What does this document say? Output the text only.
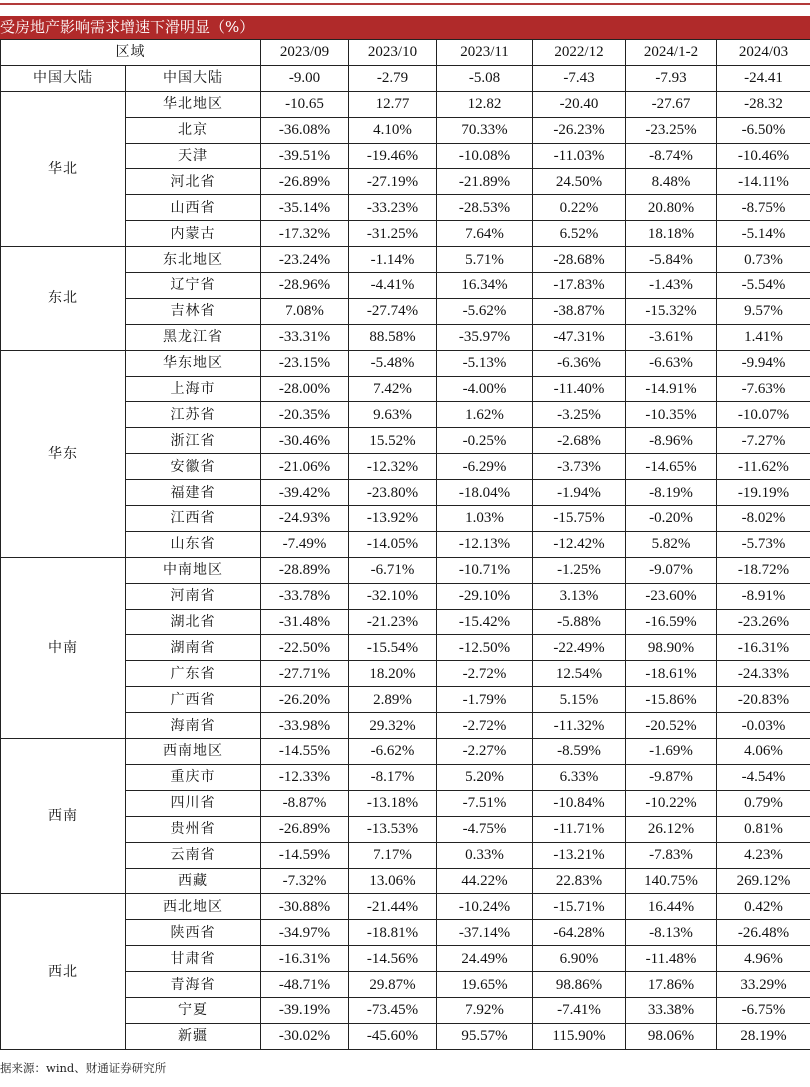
受房地产影响需求增速下滑明显（%）
区域		2023/09	2023/10	2023/11	2022/12	2024/1-2	2024/03
中国大陆	中国大陆	-9.00	-2.79	-5.08	-7.43	-7.93	-24.41
华北	华北地区	-10.65	12.77	12.82	-20.40	-27.67	-28.32
	北京	-36.08%	4.10%	70.33%	-26.23%	-23.25%	-6.50%
	天津	-39.51%	-19.46%	-10.08%	-11.03%	-8.74%	-10.46%
	河北省	-26.89%	-27.19%	-21.89%	24.50%	8.48%	-14.11%
	山西省	-35.14%	-33.23%	-28.53%	0.22%	20.80%	-8.75%
	内蒙古	-17.32%	-31.25%	7.64%	6.52%	18.18%	-5.14%
东北	东北地区	-23.24%	-1.14%	5.71%	-28.68%	-5.84%	0.73%
	辽宁省	-28.96%	-4.41%	16.34%	-17.83%	-1.43%	-5.54%
	吉林省	7.08%	-27.74%	-5.62%	-38.87%	-15.32%	9.57%
	黑龙江省	-33.31%	88.58%	-35.97%	-47.31%	-3.61%	1.41%
华东	华东地区	-23.15%	-5.48%	-5.13%	-6.36%	-6.63%	-9.94%
	上海市	-28.00%	7.42%	-4.00%	-11.40%	-14.91%	-7.63%
	江苏省	-20.35%	9.63%	1.62%	-3.25%	-10.35%	-10.07%
	浙江省	-30.46%	15.52%	-0.25%	-2.68%	-8.96%	-7.27%
	安徽省	-21.06%	-12.32%	-6.29%	-3.73%	-14.65%	-11.62%
	福建省	-39.42%	-23.80%	-18.04%	-1.94%	-8.19%	-19.19%
	江西省	-24.93%	-13.92%	1.03%	-15.75%	-0.20%	-8.02%
	山东省	-7.49%	-14.05%	-12.13%	-12.42%	5.82%	-5.73%
中南	中南地区	-28.89%	-6.71%	-10.71%	-1.25%	-9.07%	-18.72%
	河南省	-33.78%	-32.10%	-29.10%	3.13%	-23.60%	-8.91%
	湖北省	-31.48%	-21.23%	-15.42%	-5.88%	-16.59%	-23.26%
	湖南省	-22.50%	-15.54%	-12.50%	-22.49%	98.90%	-16.31%
	广东省	-27.71%	18.20%	-2.72%	12.54%	-18.61%	-24.33%
	广西省	-26.20%	2.89%	-1.79%	5.15%	-15.86%	-20.83%
	海南省	-33.98%	29.32%	-2.72%	-11.32%	-20.52%	-0.03%
西南	西南地区	-14.55%	-6.62%	-2.27%	-8.59%	-1.69%	4.06%
	重庆市	-12.33%	-8.17%	5.20%	6.33%	-9.87%	-4.54%
	四川省	-8.87%	-13.18%	-7.51%	-10.84%	-10.22%	0.79%
	贵州省	-26.89%	-13.53%	-4.75%	-11.71%	26.12%	0.81%
	云南省	-14.59%	7.17%	0.33%	-13.21%	-7.83%	4.23%
	西藏	-7.32%	13.06%	44.22%	22.83%	140.75%	269.12%
西北	西北地区	-30.88%	-21.44%	-10.24%	-15.71%	16.44%	0.42%
	陕西省	-34.97%	-18.81%	-37.14%	-64.28%	-8.13%	-26.48%
	甘肃省	-16.31%	-14.56%	24.49%	6.90%	-11.48%	4.96%
	青海省	-48.71%	29.87%	19.65%	98.86%	17.86%	33.29%
	宁夏	-39.19%	-73.45%	7.92%	-7.41%	33.38%	-6.75%
	新疆	-30.02%	-45.60%	95.57%	115.90%	98.06%	28.19%
据来源：wind、财通证券研究所
